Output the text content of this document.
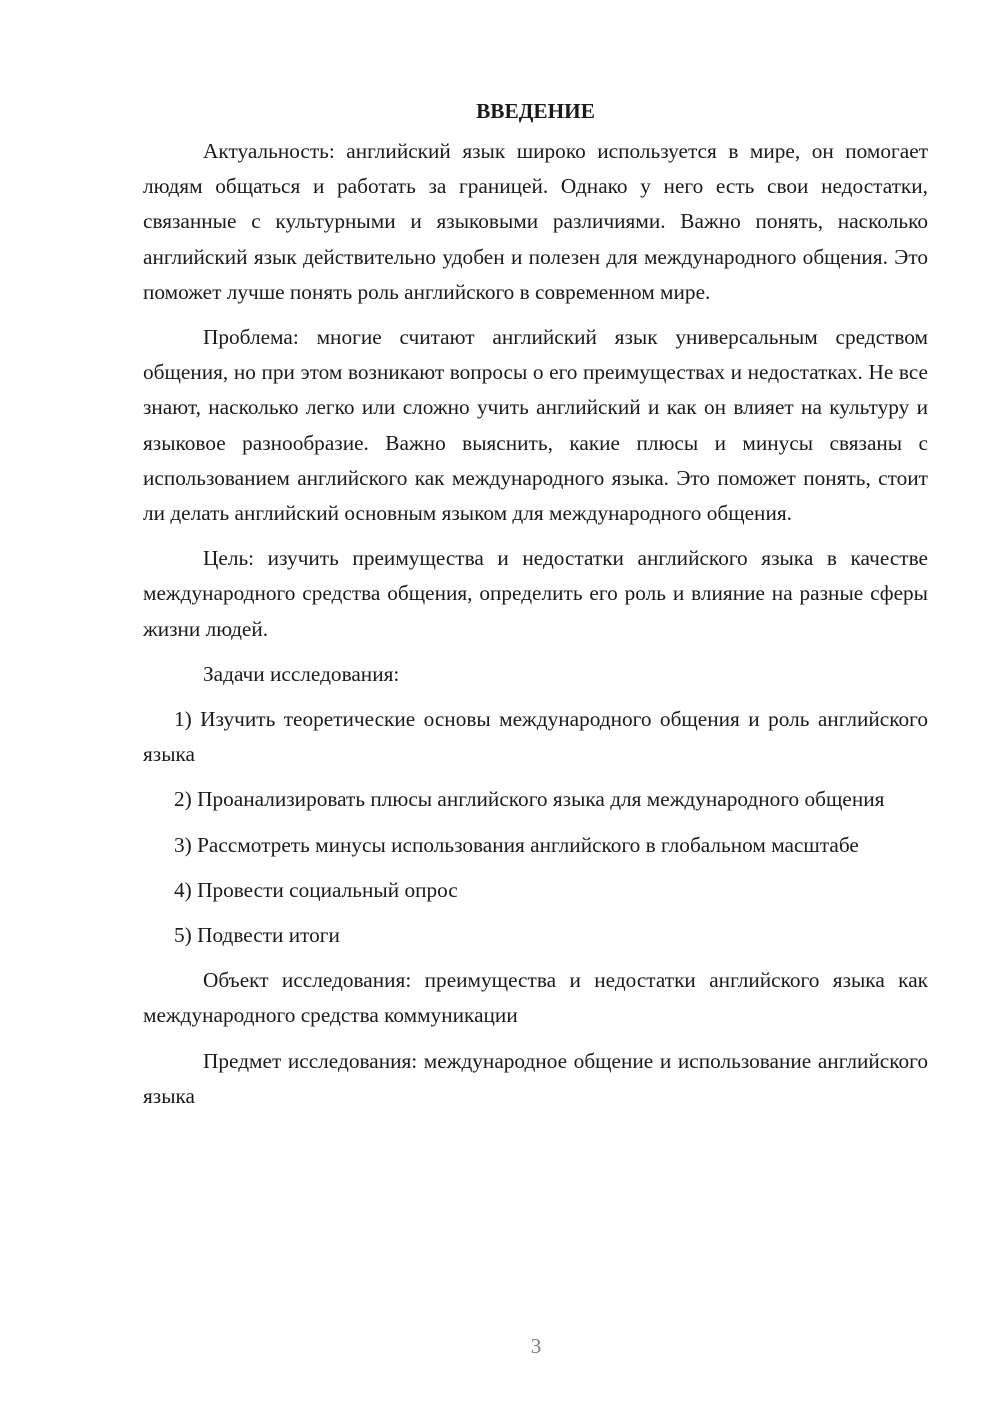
ВВЕДЕНИЕ

Актуальность: английский язык широко используется в мире, он помогает людям общаться и работать за границей. Однако у него есть свои недостатки, связанные с культурными и языковыми различиями. Важно понять, насколько английский язык действительно удобен и полезен для международного общения. Это поможет лучше понять роль английского в современном мире.

Проблема: многие считают английский язык универсальным средством общения, но при этом возникают вопросы о его преимуществах и недостатках. Не все знают, насколько легко или сложно учить английский и как он влияет на культуру и языковое разнообразие. Важно выяснить, какие плюсы и минусы связаны с использованием английского как международного языка. Это поможет понять, стоит ли делать английский основным языком для международного общения.

Цель: изучить преимущества и недостатки английского языка в качестве международного средства общения, определить его роль и влияние на разные сферы жизни людей.

Задачи исследования:

1) Изучить теоретические основы международного общения и роль английского языка

2) Проанализировать плюсы английского языка для международного общения

3) Рассмотреть минусы использования английского в глобальном масштабе

4) Провести социальный опрос

5) Подвести итоги

Объект исследования: преимущества и недостатки английского языка как международного средства коммуникации

Предмет исследования: международное общение и использование английского языка

3
